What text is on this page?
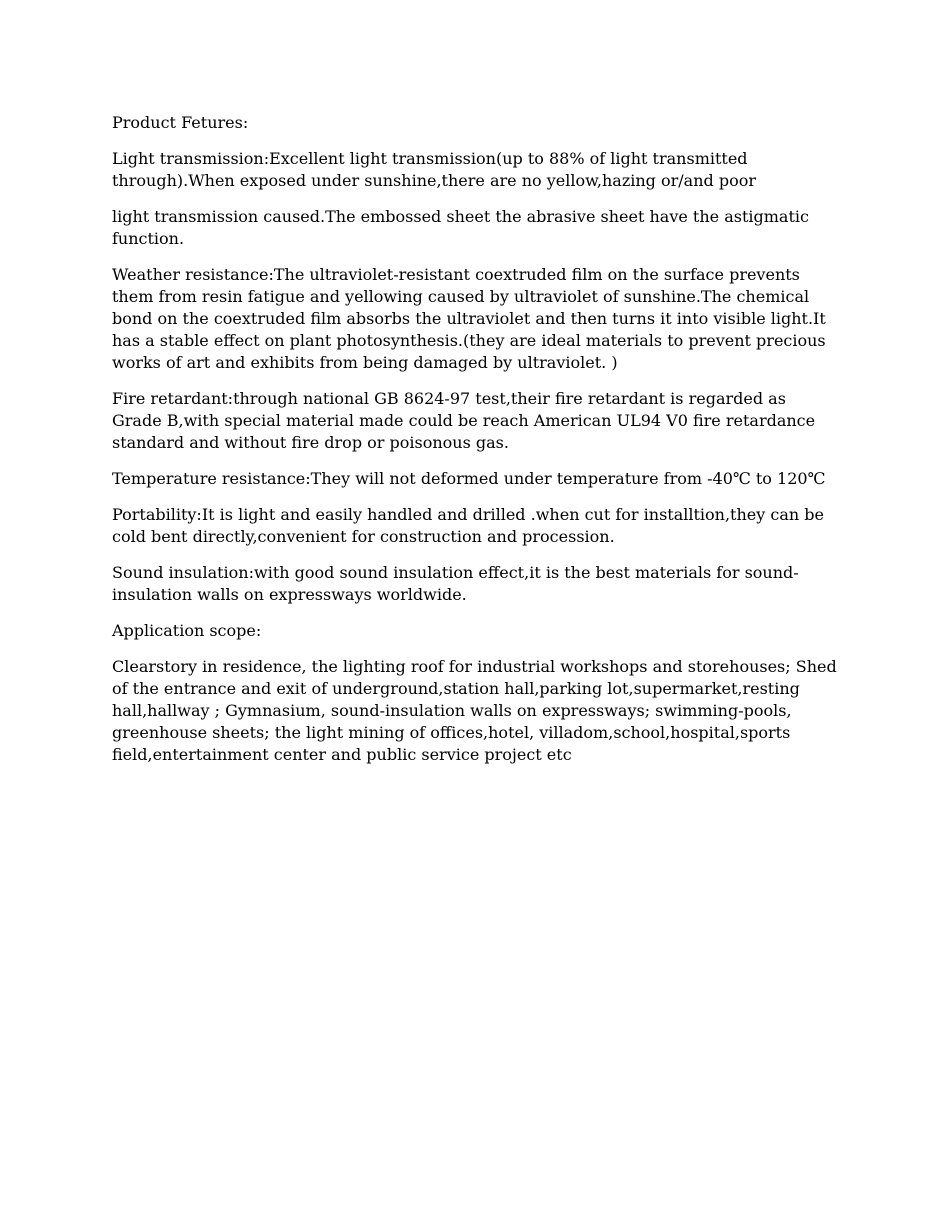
Product Fetures:

Light transmission:Excellent light transmission(up to 88% of light transmitted through).When exposed under sunshine,there are no yellow,hazing or/and poor

light transmission caused.The embossed sheet the abrasive sheet have the astigmatic function.

Weather resistance:The ultraviolet-resistant coextruded film on the surface prevents them from resin fatigue and yellowing caused by ultraviolet of sunshine.The chemical bond on the coextruded film absorbs the ultraviolet and then turns it into visible light.It has a stable effect on plant photosynthesis.(they are ideal materials to prevent precious works of art and exhibits from being damaged by ultraviolet. )

Fire retardant:through national GB 8624-97 test,their fire retardant is regarded as Grade B,with special material made could be reach American UL94 V0 fire retardance standard and without fire drop or poisonous gas.

Temperature resistance:They will not deformed under temperature from -40℃ to 120℃

Portability:It is light and easily handled and drilled .when cut for installtion,they can be cold bent directly,convenient for construction and procession.

Sound insulation:with good sound insulation effect,it is the best materials for sound-insulation walls on expressways worldwide.

Application scope:

Clearstory in residence, the lighting roof for industrial workshops and storehouses; Shed of the entrance and exit of underground,station hall,parking lot,supermarket,resting hall,hallway ; Gymnasium, sound-insulation walls on expressways; swimming-pools, greenhouse sheets; the light mining of offices,hotel, villadom,school,hospital,sports field,entertainment center and public service project etc
